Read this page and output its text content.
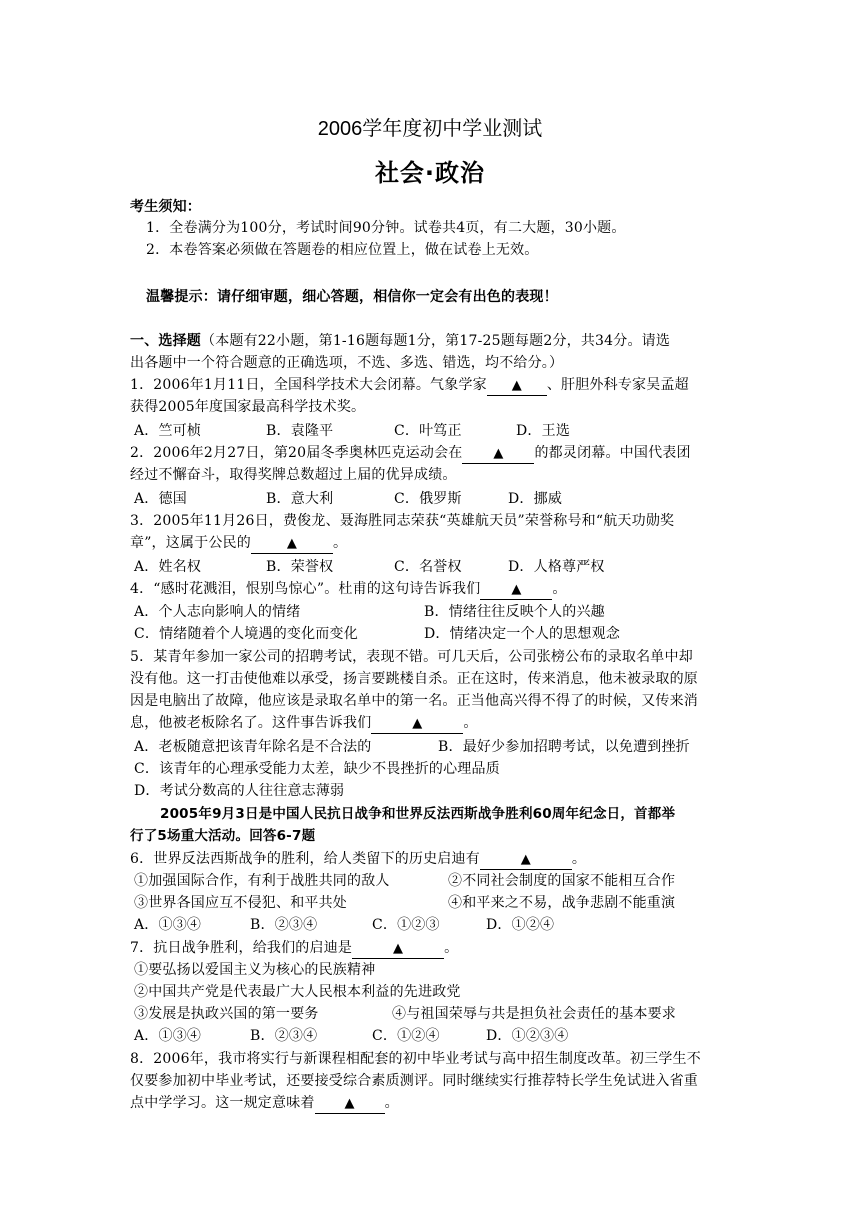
2006学年度初中学业测试
社会·政治
考生须知：
1．全卷满分为100分，考试时间90分钟。试卷共4页，有二大题，30小题。
2．本卷答案必须做在答题卷的相应位置上，做在试卷上无效。
温馨提示：请仔细审题，细心答题，相信你一定会有出色的表现！
一、选择题（本题有22小题，第1-16题每题1分，第17-25题每题2分，共34分。请选
出各题中一个符合题意的正确选项，不选、多选、错选，均不给分。）
1．2006年1月11日，全国科学技术大会闭幕。气象学家 ▲ 、肝胆外科专家吴孟超
获得2005年度国家最高科学技术奖。
A．竺可桢	B．袁隆平	C．叶笃正	D．王选
2．2006年2月27日，第20届冬季奥林匹克运动会在 ▲ 的都灵闭幕。中国代表团
经过不懈奋斗，取得奖牌总数超过上届的优异成绩。
A．德国	B．意大利	C．俄罗斯	D．挪威
3．2005年11月26日，费俊龙、聂海胜同志荣获“英雄航天员”荣誉称号和“航天功勋奖
章”，这属于公民的	▲	。
A．姓名权	B．荣誉权	C．名誉权	D．人格尊严权
4．“感时花溅泪，恨别鸟惊心”。杜甫的这句诗告诉我们 ▲ 。
A．个人志向影响人的情绪	B．情绪往往反映个人的兴趣
C．情绪随着个人境遇的变化而变化	D．情绪决定一个人的思想观念
5．某青年参加一家公司的招聘考试，表现不错。可几天后，公司张榜公布的录取名单中却
没有他。这一打击使他难以承受，扬言要跳楼自杀。正在这时，传来消息，他未被录取的原
因是电脑出了故障，他应该是录取名单中的第一名。正当他高兴得不得了的时候，又传来消
息，他被老板除名了。这件事告诉我们	▲	。
A．老板随意把该青年除名是不合法的	B．最好少参加招聘考试，以免遭到挫折
C．该青年的心理承受能力太差，缺少不畏挫折的心理品质
D．考试分数高的人往往意志薄弱
2005年9月3日是中国人民抗日战争和世界反法西斯战争胜利60周年纪念日，首都举
行了5场重大活动。回答6-7题
6．世界反法西斯战争的胜利，给人类留下的历史启迪有	▲	。
①加强国际合作，有利于战胜共同的敌人	②不同社会制度的国家不能相互合作
③世界各国应互不侵犯、和平共处	④和平来之不易，战争悲剧不能重演
A．①③④	B．②③④	C．①②③	D．①②④
7．抗日战争胜利，给我们的启迪是	▲	。
①要弘扬以爱国主义为核心的民族精神
②中国共产党是代表最广大人民根本利益的先进政党
③发展是执政兴国的第一要务	④与祖国荣辱与共是担负社会责任的基本要求
A．①③④	B．②③④	C．①②④	D．①②③④
8．2006年，我市将实行与新课程相配套的初中毕业考试与高中招生制度改革。初三学生不
仅要参加初中毕业考试，还要接受综合素质测评。同时继续实行推荐特长学生免试进入省重
点中学学习。这一规定意味着 ▲ 。
